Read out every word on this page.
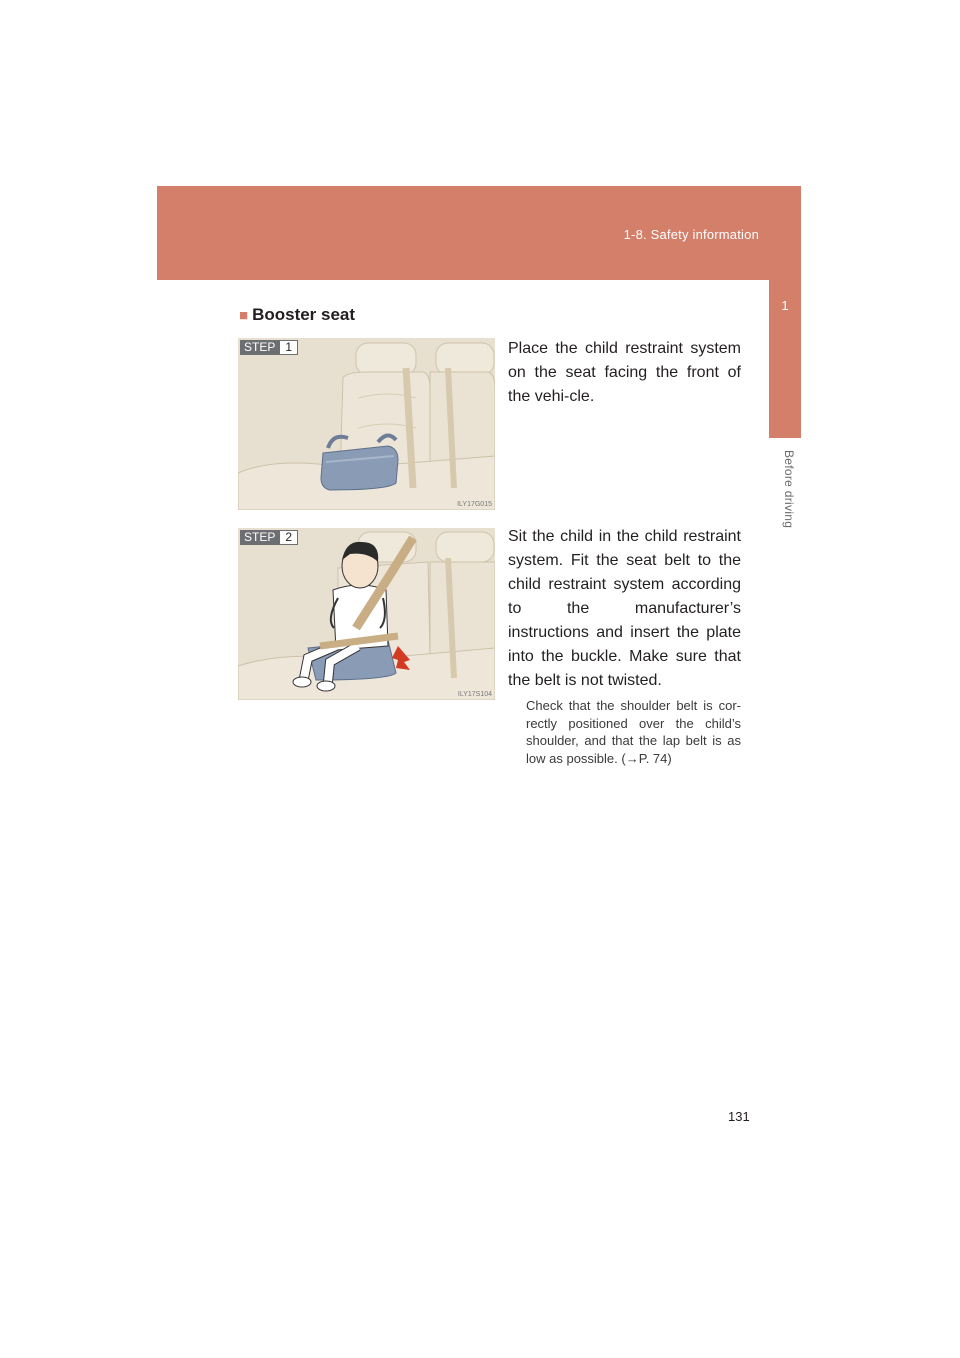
1-8. Safety information
1
Before driving
■ Booster seat
STEP 1
ILY17G015
Place the child restraint system on the seat facing the front of the vehi-cle.
STEP 2
ILY17S104
Sit the child in the child restraint system. Fit the seat belt to the child restraint system according to the manufacturer’s instructions and insert the plate into the buckle. Make sure that the belt is not twisted.
Check that the shoulder belt is cor-rectly positioned over the child’s shoulder, and that the lap belt is as low as possible. (→P. 74)
131
